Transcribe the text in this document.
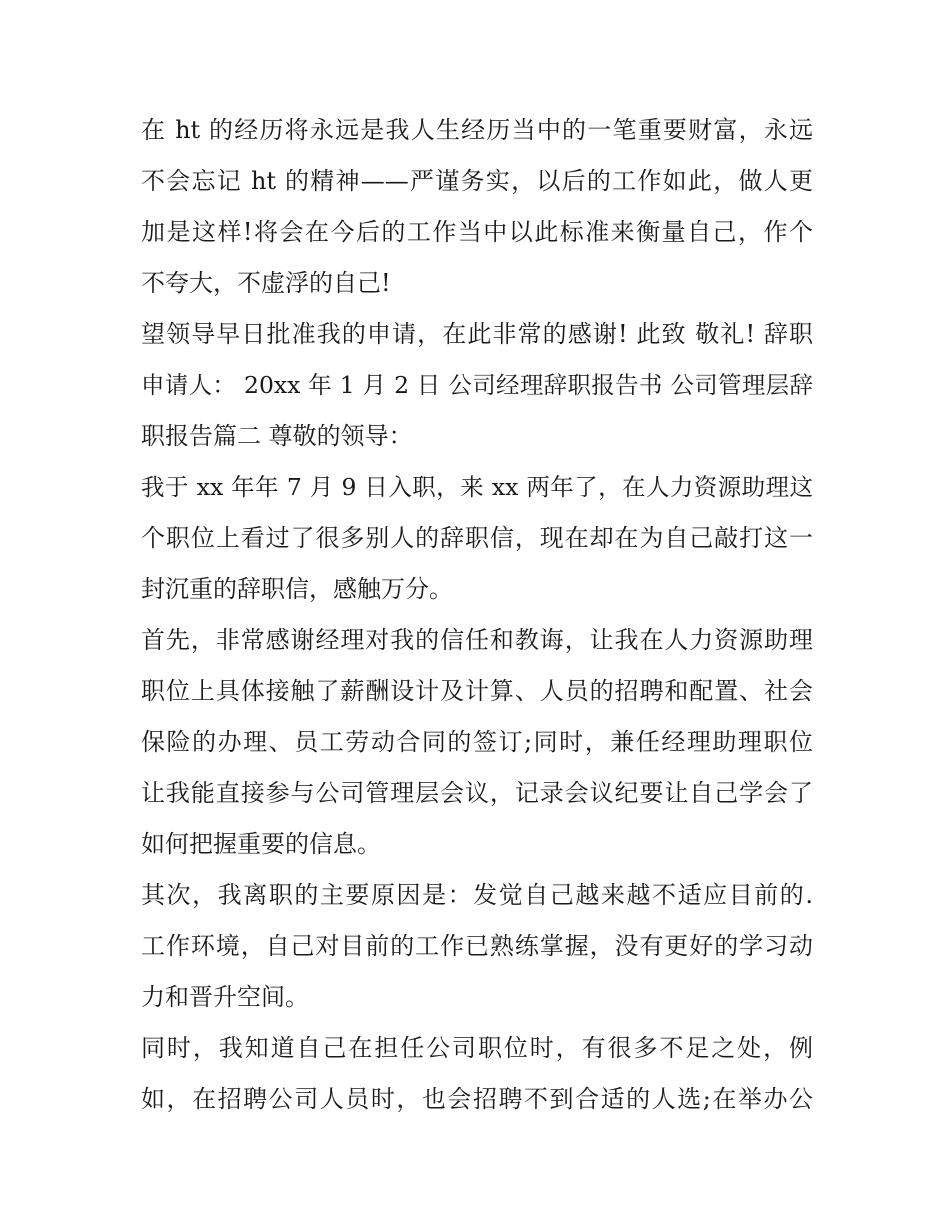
在 ht 的经历将永远是我人生经历当中的一笔重要财富，永远
不会忘记 ht 的精神——严谨务实，以后的工作如此，做人更
加是这样!将会在今后的工作当中以此标准来衡量自己，作个
不夸大，不虚浮的自己!
望领导早日批准我的申请，在此非常的感谢! 此致 敬礼! 辞职
申请人： 20xx 年 1 月 2 日 公司经理辞职报告书 公司管理层辞
职报告篇二 尊敬的领导：
我于 xx 年年 7 月 9 日入职，来 xx 两年了，在人力资源助理这
个职位上看过了很多别人的辞职信，现在却在为自己敲打这一
封沉重的辞职信，感触万分。
首先，非常感谢经理对我的信任和教诲，让我在人力资源助理
职位上具体接触了薪酬设计及计算、人员的招聘和配置、社会
保险的办理、员工劳动合同的签订;同时，兼任经理助理职位
让我能直接参与公司管理层会议，记录会议纪要让自己学会了
如何把握重要的信息。
其次，我离职的主要原因是：发觉自己越来越不适应目前的.
工作环境，自己对目前的工作已熟练掌握，没有更好的学习动
力和晋升空间。
同时，我知道自己在担任公司职位时，有很多不足之处，例
如，在招聘公司人员时，也会招聘不到合适的人选;在举办公
